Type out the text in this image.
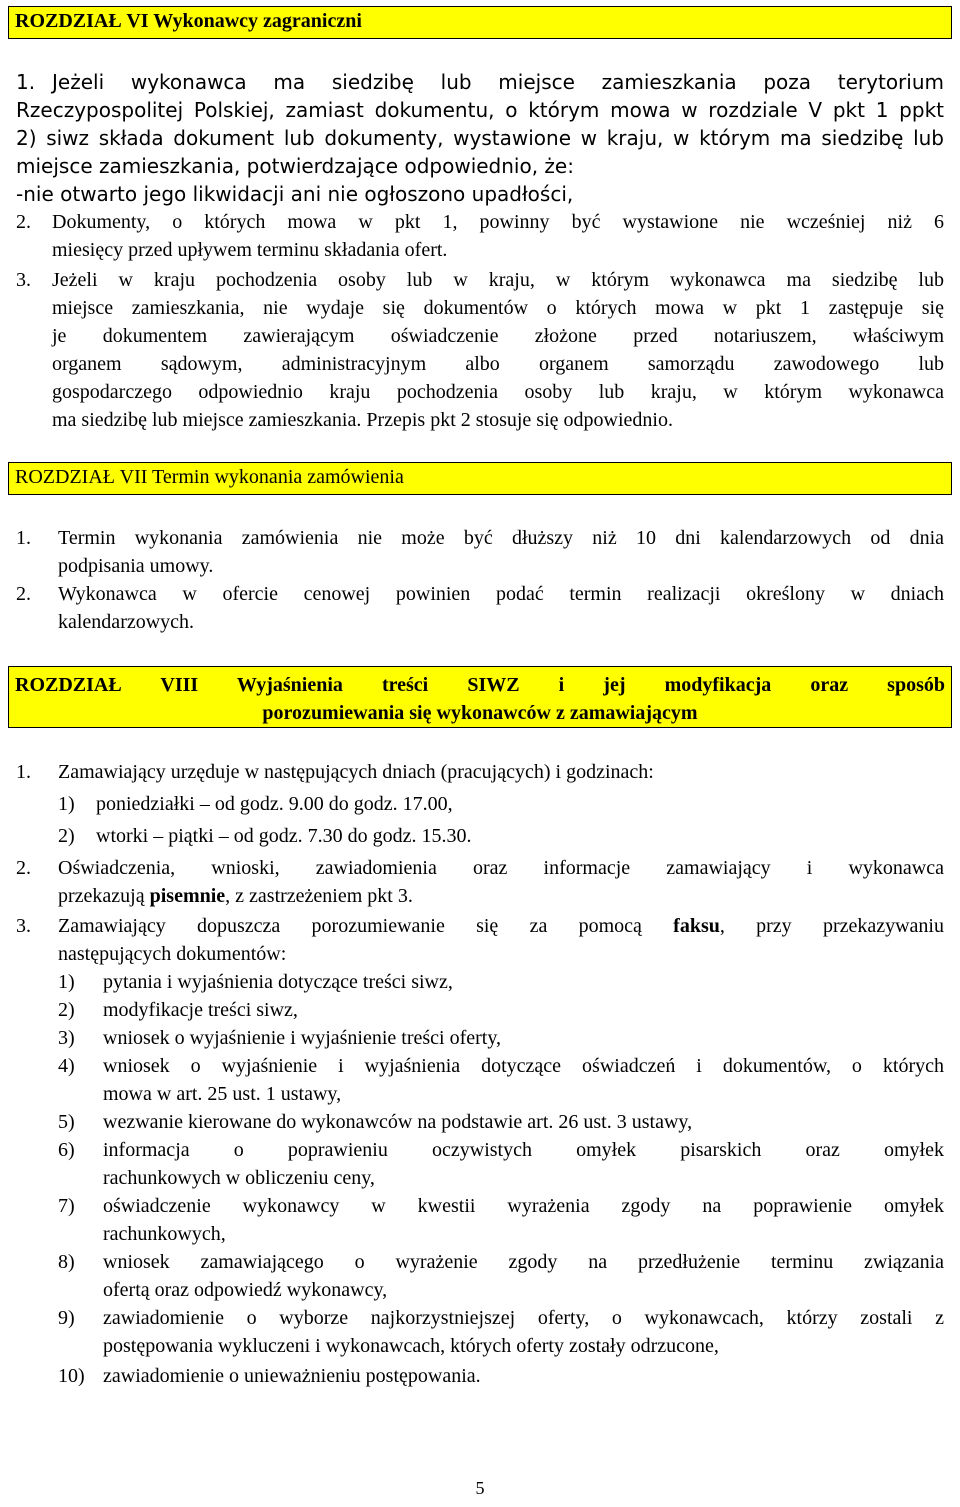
ROZDZIAŁ VI Wykonawcy zagraniczni
1. Jeżeli wykonawca ma siedzibę lub miejsce zamieszkania poza terytorium
Rzeczypospolitej Polskiej, zamiast dokumentu, o którym mowa w rozdziale V pkt 1 ppkt
2) siwz składa dokument lub dokumenty, wystawione w kraju, w którym ma siedzibę lub
miejsce zamieszkania, potwierdzające odpowiednio, że:
-nie otwarto jego likwidacji ani nie ogłoszono upadłości,
2. Dokumenty, o których mowa w pkt 1, powinny być wystawione nie wcześniej niż 6
miesięcy przed upływem terminu składania ofert.
3. Jeżeli w kraju pochodzenia osoby lub w kraju, w którym wykonawca ma siedzibę lub
miejsce zamieszkania, nie wydaje się dokumentów o których mowa w pkt 1 zastępuje się
je dokumentem zawierającym oświadczenie złożone przed notariuszem, właściwym
organem sądowym, administracyjnym albo organem samorządu zawodowego lub
gospodarczego odpowiednio kraju pochodzenia osoby lub kraju, w którym wykonawca
ma siedzibę lub miejsce zamieszkania. Przepis pkt 2 stosuje się odpowiednio.
ROZDZIAŁ VII Termin wykonania zamówienia
1. Termin wykonania zamówienia nie może być dłuższy niż 10 dni kalendarzowych od dnia
podpisania umowy.
2. Wykonawca w ofercie cenowej powinien podać termin realizacji określony w dniach
kalendarzowych.
ROZDZIAŁ VIII Wyjaśnienia treści SIWZ i jej modyfikacja oraz sposób
porozumiewania się wykonawców z zamawiającym
1. Zamawiający urzęduje w następujących dniach (pracujących) i godzinach:
1) poniedziałki – od godz. 9.00 do godz. 17.00,
2) wtorki – piątki – od godz. 7.30 do godz. 15.30.
2. Oświadczenia, wnioski, zawiadomienia oraz informacje zamawiający i wykonawca
przekazują pisemnie, z zastrzeżeniem pkt 3.
3. Zamawiający dopuszcza porozumiewanie się za pomocą faksu, przy przekazywaniu
następujących dokumentów:
1) pytania i wyjaśnienia dotyczące treści siwz,
2) modyfikacje treści siwz,
3) wniosek o wyjaśnienie i wyjaśnienie treści oferty,
4) wniosek o wyjaśnienie i wyjaśnienia dotyczące oświadczeń i dokumentów, o których
mowa w art. 25 ust. 1 ustawy,
5) wezwanie kierowane do wykonawców na podstawie art. 26 ust. 3 ustawy,
6) informacja o poprawieniu oczywistych omyłek pisarskich oraz omyłek
rachunkowych w obliczeniu ceny,
7) oświadczenie wykonawcy w kwestii wyrażenia zgody na poprawienie omyłek
rachunkowych,
8) wniosek zamawiającego o wyrażenie zgody na przedłużenie terminu związania
ofertą oraz odpowiedź wykonawcy,
9) zawiadomienie o wyborze najkorzystniejszej oferty, o wykonawcach, którzy zostali z
postępowania wykluczeni i wykonawcach, których oferty zostały odrzucone,
10) zawiadomienie o unieważnieniu postępowania.
5
